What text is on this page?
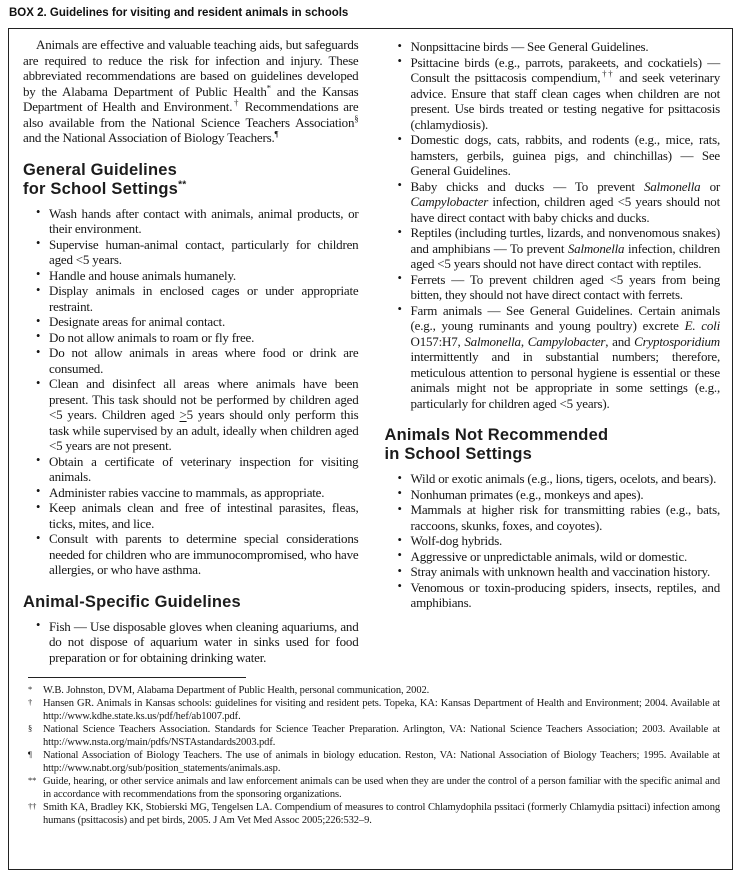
BOX 2. Guidelines for visiting and resident animals in schools

Animals are effective and valuable teaching aids, but safeguards are required to reduce the risk for infection and injury. These abbreviated recommendations are based on guidelines developed by the Alabama Department of Public Health* and the Kansas Department of Health and Environment.† Recommendations are also available from the National Science Teachers Association§ and the National Association of Biology Teachers.¶

General Guidelines
for School Settings**
• Wash hands after contact with animals, animal products, or their environment.
• Supervise human-animal contact, particularly for children aged <5 years.
• Handle and house animals humanely.
• Display animals in enclosed cages or under appropriate restraint.
• Designate areas for animal contact.
• Do not allow animals to roam or fly free.
• Do not allow animals in areas where food or drink are consumed.
• Clean and disinfect all areas where animals have been present. This task should not be performed by children aged <5 years. Children aged >5 years should only perform this task while supervised by an adult, ideally when children aged <5 years are not present.
• Obtain a certificate of veterinary inspection for visiting animals.
• Administer rabies vaccine to mammals, as appropriate.
• Keep animals clean and free of intestinal parasites, fleas, ticks, mites, and lice.
• Consult with parents to determine special considerations needed for children who are immunocompromised, who have allergies, or who have asthma.
Animal-Specific Guidelines
• Fish — Use disposable gloves when cleaning aquariums, and do not dispose of aquarium water in sinks used for food preparation or for obtaining drinking water.
• Nonpsittacine birds — See General Guidelines.
• Psittacine birds (e.g., parrots, parakeets, and cockatiels) — Consult the psittacosis compendium,†† and seek veterinary advice. Ensure that staff clean cages when children are not present. Use birds treated or testing negative for psittacosis (chlamydiosis).
• Domestic dogs, cats, rabbits, and rodents (e.g., mice, rats, hamsters, gerbils, guinea pigs, and chinchillas) — See General Guidelines.
• Baby chicks and ducks — To prevent Salmonella or Campylobacter infection, children aged <5 years should not have direct contact with baby chicks and ducks.
• Reptiles (including turtles, lizards, and nonvenomous snakes) and amphibians — To prevent Salmonella infection, children aged <5 years should not have direct contact with reptiles.
• Ferrets — To prevent children aged <5 years from being bitten, they should not have direct contact with ferrets.
• Farm animals — See General Guidelines. Certain animals (e.g., young ruminants and young poultry) excrete E. coli O157:H7, Salmonella, Campylobacter, and Cryptosporidium intermittently and in substantial numbers; therefore, meticulous attention to personal hygiene is essential or these animals might not be appropriate in some settings (e.g., particularly for children aged <5 years).
Animals Not Recommended
in School Settings
• Wild or exotic animals (e.g., lions, tigers, ocelots, and bears).
• Nonhuman primates (e.g., monkeys and apes).
• Mammals at higher risk for transmitting rabies (e.g., bats, raccoons, skunks, foxes, and coyotes).
• Wolf-dog hybrids.
• Aggressive or unpredictable animals, wild or domestic.
• Stray animals with unknown health and vaccination history.
• Venomous or toxin-producing spiders, insects, reptiles, and amphibians.
*	W.B. Johnston, DVM, Alabama Department of Public Health, personal communication, 2002.
†	Hansen GR. Animals in Kansas schools: guidelines for visiting and resident pets. Topeka, KA: Kansas Department of Health and Environment; 2004. Available at http://www.kdhe.state.ks.us/pdf/hef/ab1007.pdf.
§	National Science Teachers Association. Standards for Science Teacher Preparation. Arlington, VA: National Science Teachers Association; 2003. Available at http://www.nsta.org/main/pdfs/NSTAstandards2003.pdf.
¶	National Association of Biology Teachers. The use of animals in biology education. Reston, VA: National Association of Biology Teachers; 1995. Available at http://www.nabt.org/sub/position_statements/animals.asp.
** Guide, hearing, or other service animals and law enforcement animals can be used when they are under the control of a person familiar with the specific animal and in accordance with recommendations from the sponsoring organizations.
†† Smith KA, Bradley KK, Stobierski MG, Tengelsen LA. Compendium of measures to control Chlamydophila pssitaci (formerly Chlamydia psittaci) infection among humans (psittacosis) and pet birds, 2005. J Am Vet Med Assoc 2005;226:532–9.
